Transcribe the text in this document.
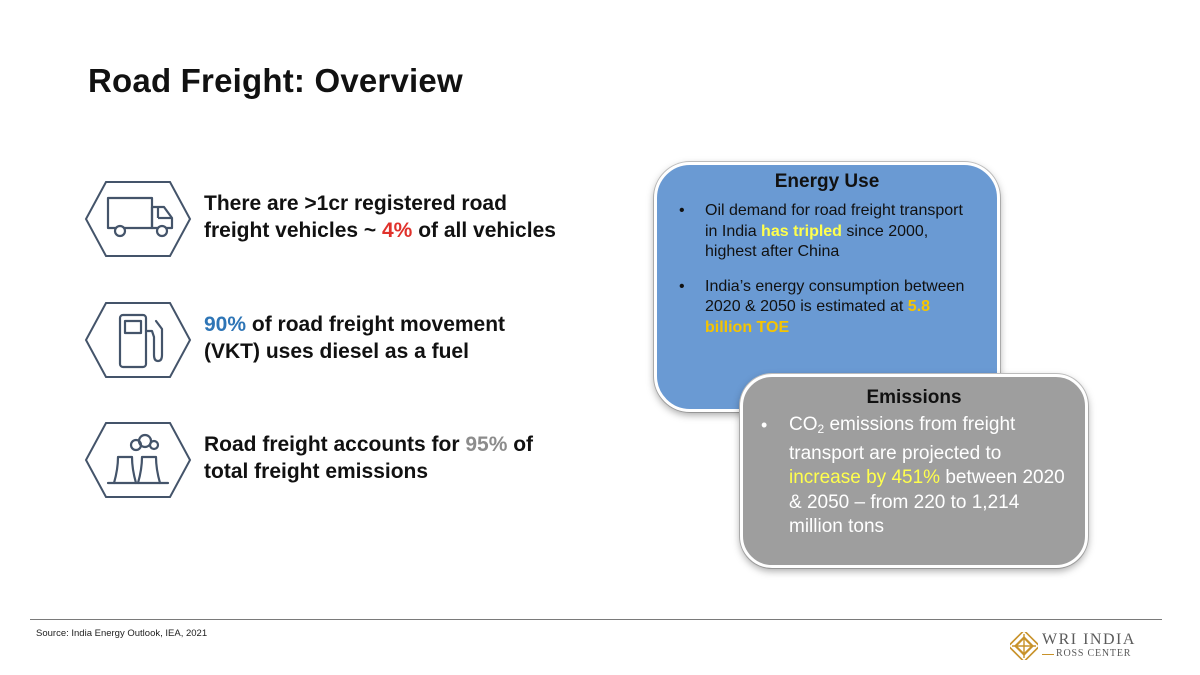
Road Freight: Overview
There are >1cr registered road
freight vehicles ~ 4% of all vehicles
90% of road freight movement
(VKT) uses diesel as a fuel
Road freight accounts for 95% of
total freight emissions
Energy Use
• Oil demand for road freight transport in India has tripled since 2000, highest after China
• India’s energy consumption between 2020 & 2050 is estimated at 5.8 billion TOE
Emissions
• $CO_2$ emissions from freight transport are projected to increase by 451% between 2020 & 2050 – from 220 to 1,214 million tons
Source: India Energy Outlook, IEA, 2021	WRI INDIA
ROSS CENTER
